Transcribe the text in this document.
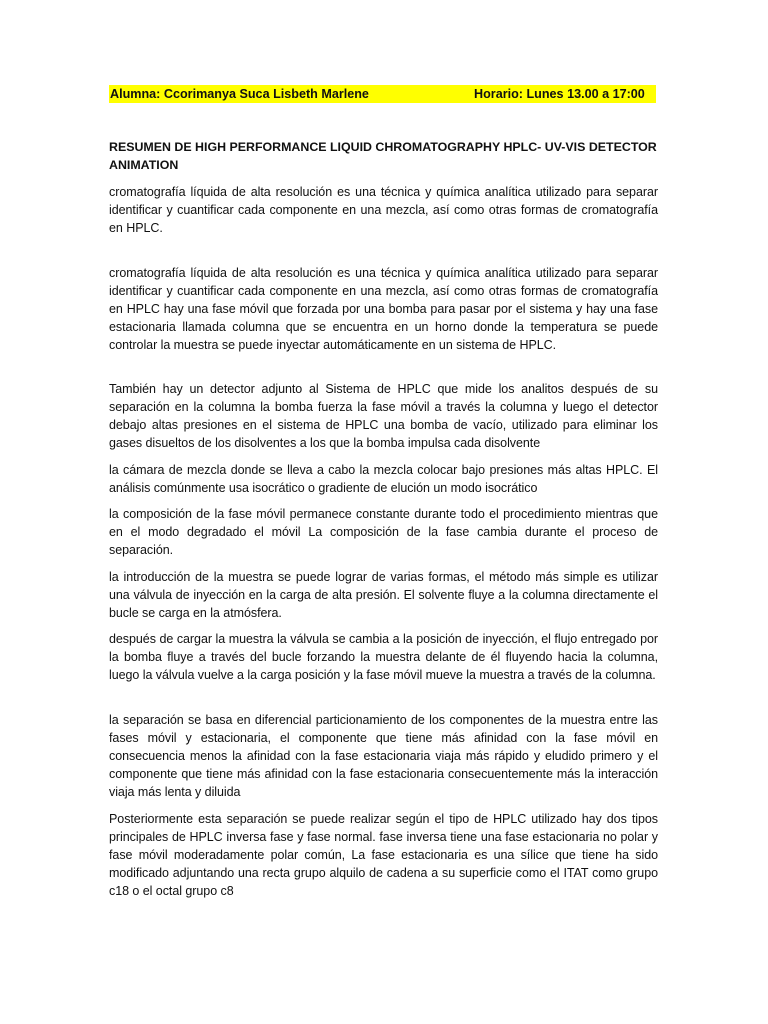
Alumna: Ccorimanya Suca Lisbeth Marlene	Horario: Lunes 13.00 a 17:00
RESUMEN DE HIGH PERFORMANCE LIQUID CHROMATOGRAPHY HPLC- UV-VIS DETECTOR ANIMATION

cromatografía líquida de alta resolución es una técnica y química analítica utilizado para separar identificar y cuantificar cada componente en una mezcla, así como otras formas de cromatografía en HPLC.

cromatografía líquida de alta resolución es una técnica y química analítica utilizado para separar identificar y cuantificar cada componente en una mezcla, así como otras formas de cromatografía en HPLC hay una fase móvil que forzada por una bomba para pasar por el sistema y hay una fase estacionaria llamada columna que se encuentra en un horno donde la temperatura se puede controlar la muestra se puede inyectar automáticamente en un sistema de HPLC.

También hay un detector adjunto al Sistema de HPLC que mide los analitos después de su separación en la columna la bomba fuerza la fase móvil a través la columna y luego el detector debajo altas presiones en el sistema de HPLC una bomba de vacío, utilizado para eliminar los gases disueltos de los disolventes a los que la bomba impulsa cada disolvente

la cámara de mezcla donde se lleva a cabo la mezcla colocar bajo presiones más altas HPLC. El análisis comúnmente usa isocrático o gradiente de elución un modo isocrático

la composición de la fase móvil permanece constante durante todo el procedimiento mientras que en el modo degradado el móvil La composición de la fase cambia durante el proceso de separación.

la introducción de la muestra se puede lograr de varias formas, el método más simple es utilizar una válvula de inyección en la carga de alta presión. El solvente fluye a la columna directamente el bucle se carga en la atmósfera.

después de cargar la muestra la válvula se cambia a la posición de inyección, el flujo entregado por la bomba fluye a través del bucle forzando la muestra delante de él fluyendo hacia la columna, luego la válvula vuelve a la carga posición y la fase móvil mueve la muestra a través de la columna.

la separación se basa en diferencial particionamiento de los componentes de la muestra entre las fases móvil y estacionaria, el componente que tiene más afinidad con la fase móvil en consecuencia menos la afinidad con la fase estacionaria viaja más rápido y eludido primero y el componente que tiene más afinidad con la fase estacionaria consecuentemente más la interacción viaja más lenta y diluida

Posteriormente esta separación se puede realizar según el tipo de HPLC utilizado hay dos tipos principales de HPLC inversa fase y fase normal. fase inversa tiene una fase estacionaria no polar y fase móvil moderadamente polar común, La fase estacionaria es una sílice que tiene ha sido modificado adjuntando una recta grupo alquilo de cadena a su superficie como el ITAT como grupo c18 o el octal grupo c8
